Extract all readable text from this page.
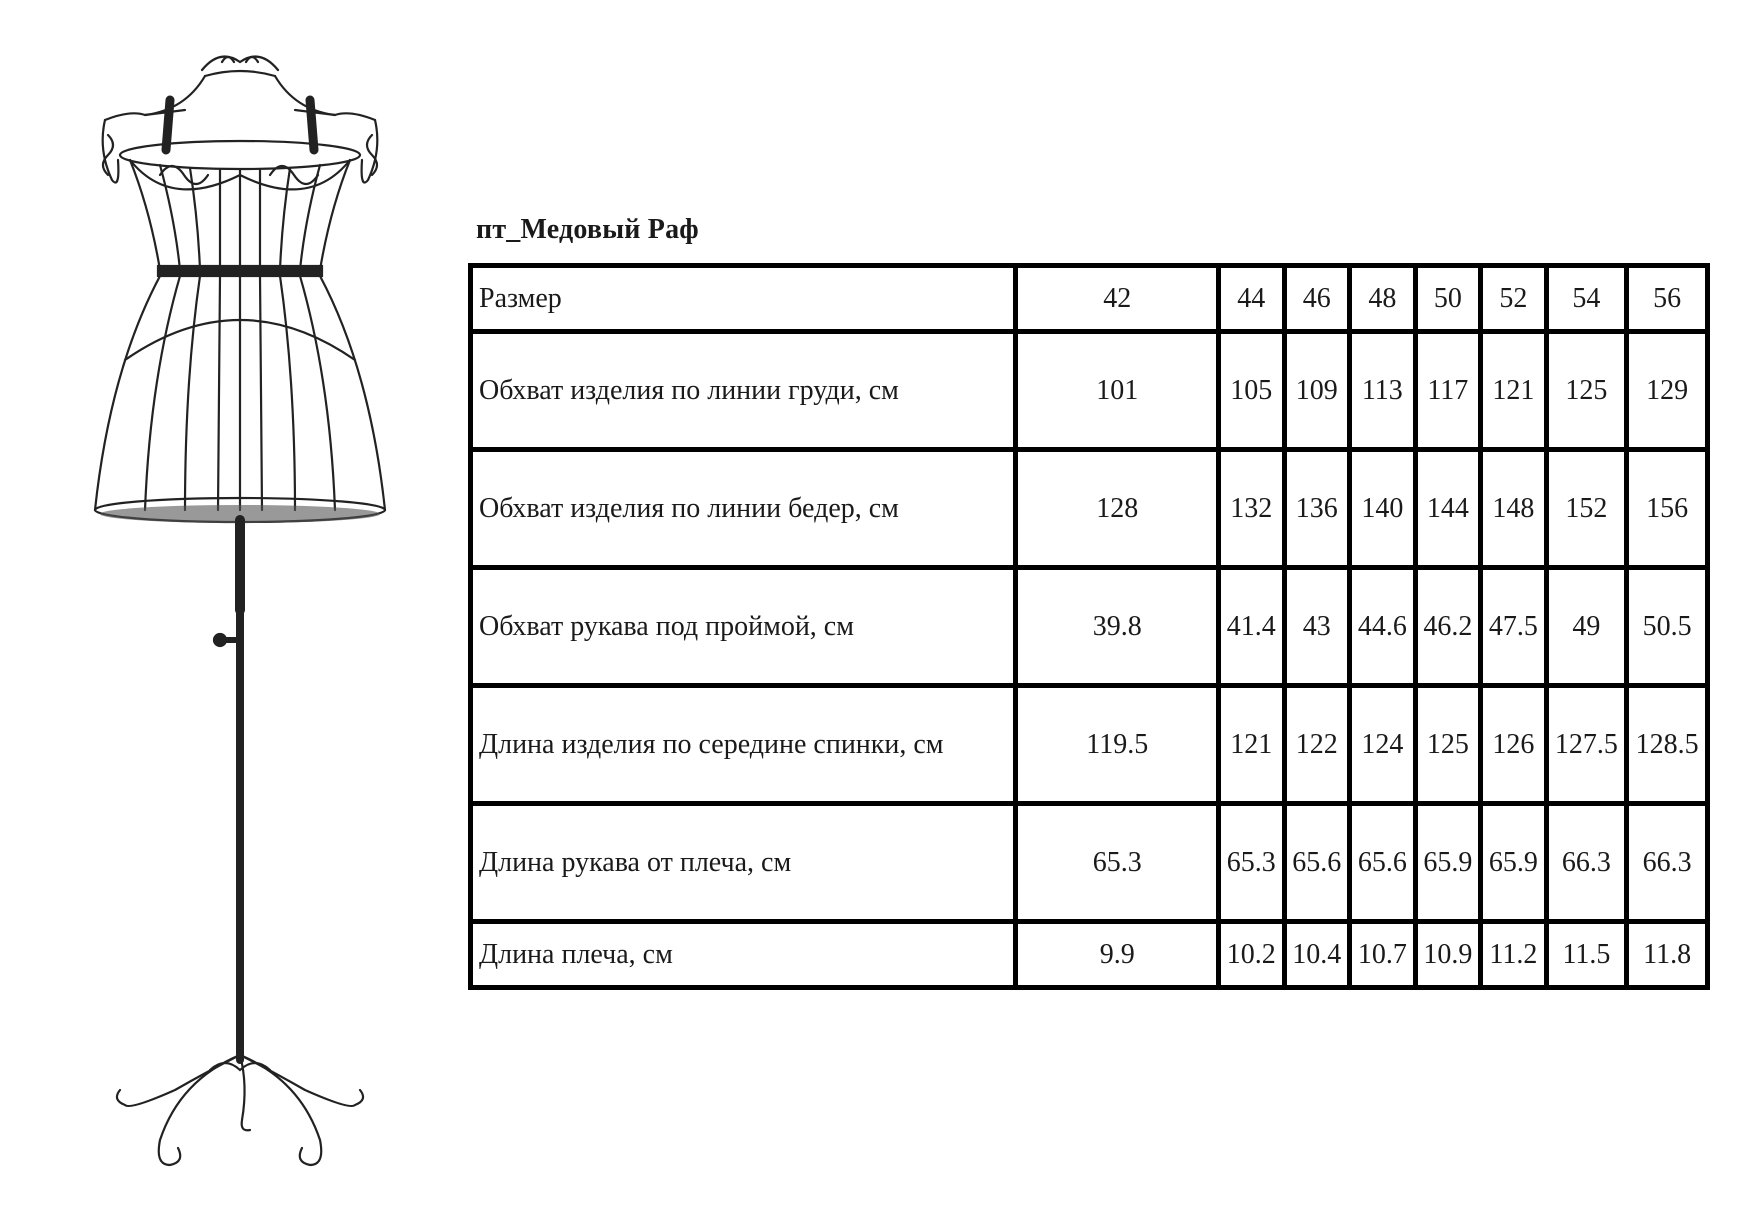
пт_Медовый Раф
Размер	42	44	46	48	50	52	54	56
Обхват изделия по линии груди, см	101	105	109	113	117	121	125	129
Обхват изделия по линии бедер, см	128	132	136	140	144	148	152	156
Обхват рукава под проймой, см	39.8	41.4	43	44.6	46.2	47.5	49	50.5
Длина изделия по середине спинки, см	119.5	121	122	124	125	126	127.5	128.5
Длина рукава от плеча, см	65.3	65.3	65.6	65.6	65.9	65.9	66.3	66.3
Длина плеча, см	9.9	10.2	10.4	10.7	10.9	11.2	11.5	11.8
